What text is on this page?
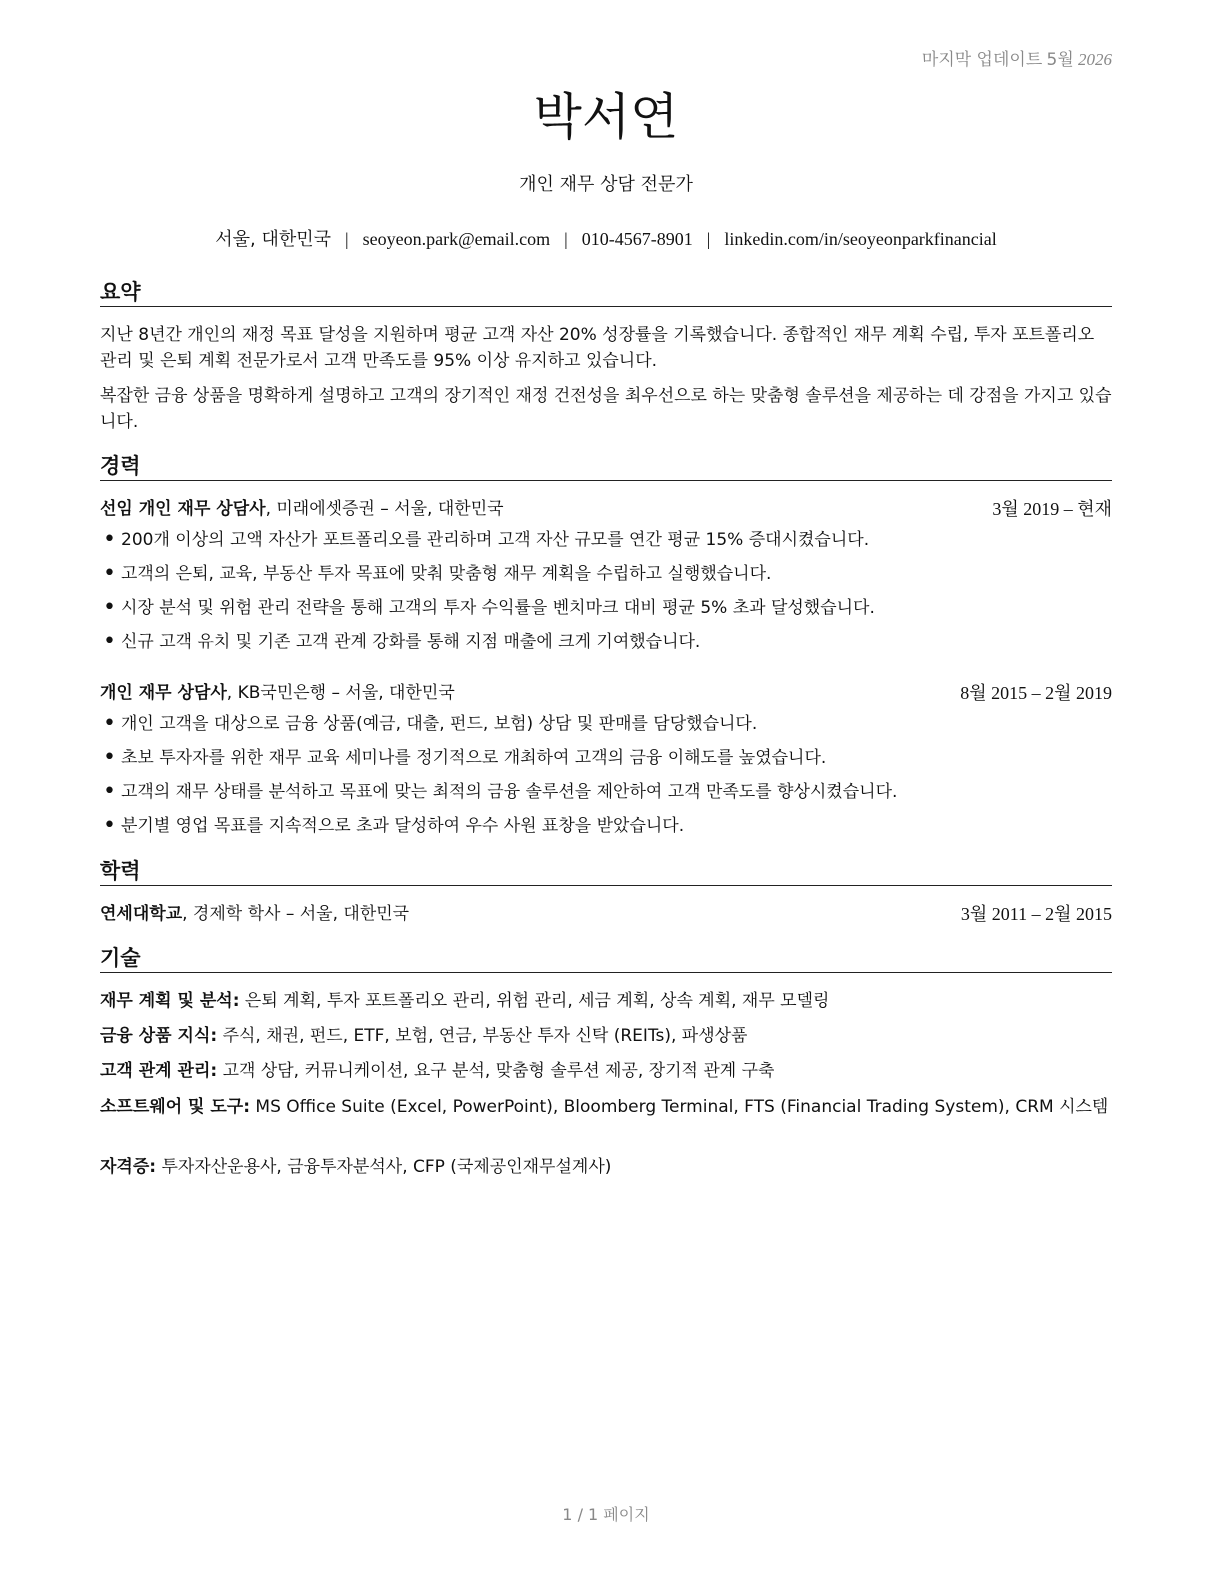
마지막 업데이트 5월 2026
박서연
개인 재무 상담 전문가
서울, 대한민국 | seoyeon.park@email.com | 010-4567-8901 | linkedin.com/in/seoyeonparkfinancial
요약
지난 8년간 개인의 재정 목표 달성을 지원하며 평균 고객 자산 20% 성장률을 기록했습니다. 종합적인 재무 계획 수립, 투자 포트폴리오 관리 및 은퇴 계획 전문가로서 고객 만족도를 95% 이상 유지하고 있습니다.
복잡한 금융 상품을 명확하게 설명하고 고객의 장기적인 재정 건전성을 최우선으로 하는 맞춤형 솔루션을 제공하는 데 강점을 가지고 있습니다.
경력
선임 개인 재무 상담사, 미래에셋증권 – 서울, 대한민국	3월 2019 – 현재
• 200개 이상의 고액 자산가 포트폴리오를 관리하며 고객 자산 규모를 연간 평균 15% 증대시켰습니다.
• 고객의 은퇴, 교육, 부동산 투자 목표에 맞춰 맞춤형 재무 계획을 수립하고 실행했습니다.
• 시장 분석 및 위험 관리 전략을 통해 고객의 투자 수익률을 벤치마크 대비 평균 5% 초과 달성했습니다.
• 신규 고객 유치 및 기존 고객 관계 강화를 통해 지점 매출에 크게 기여했습니다.
개인 재무 상담사, KB국민은행 – 서울, 대한민국	8월 2015 – 2월 2019
• 개인 고객을 대상으로 금융 상품(예금, 대출, 펀드, 보험) 상담 및 판매를 담당했습니다.
• 초보 투자자를 위한 재무 교육 세미나를 정기적으로 개최하여 고객의 금융 이해도를 높였습니다.
• 고객의 재무 상태를 분석하고 목표에 맞는 최적의 금융 솔루션을 제안하여 고객 만족도를 향상시켰습니다.
• 분기별 영업 목표를 지속적으로 초과 달성하여 우수 사원 표창을 받았습니다.
학력
연세대학교, 경제학 학사 – 서울, 대한민국	3월 2011 – 2월 2015
기술
재무 계획 및 분석: 은퇴 계획, 투자 포트폴리오 관리, 위험 관리, 세금 계획, 상속 계획, 재무 모델링
금융 상품 지식: 주식, 채권, 펀드, ETF, 보험, 연금, 부동산 투자 신탁 (REITs), 파생상품
고객 관계 관리: 고객 상담, 커뮤니케이션, 요구 분석, 맞춤형 솔루션 제공, 장기적 관계 구축
소프트웨어 및 도구: MS Office Suite (Excel, PowerPoint), Bloomberg Terminal, FTS (Financial Trading System), CRM 시스템
자격증: 투자자산운용사, 금융투자분석사, CFP (국제공인재무설계사)
1 / 1 페이지
